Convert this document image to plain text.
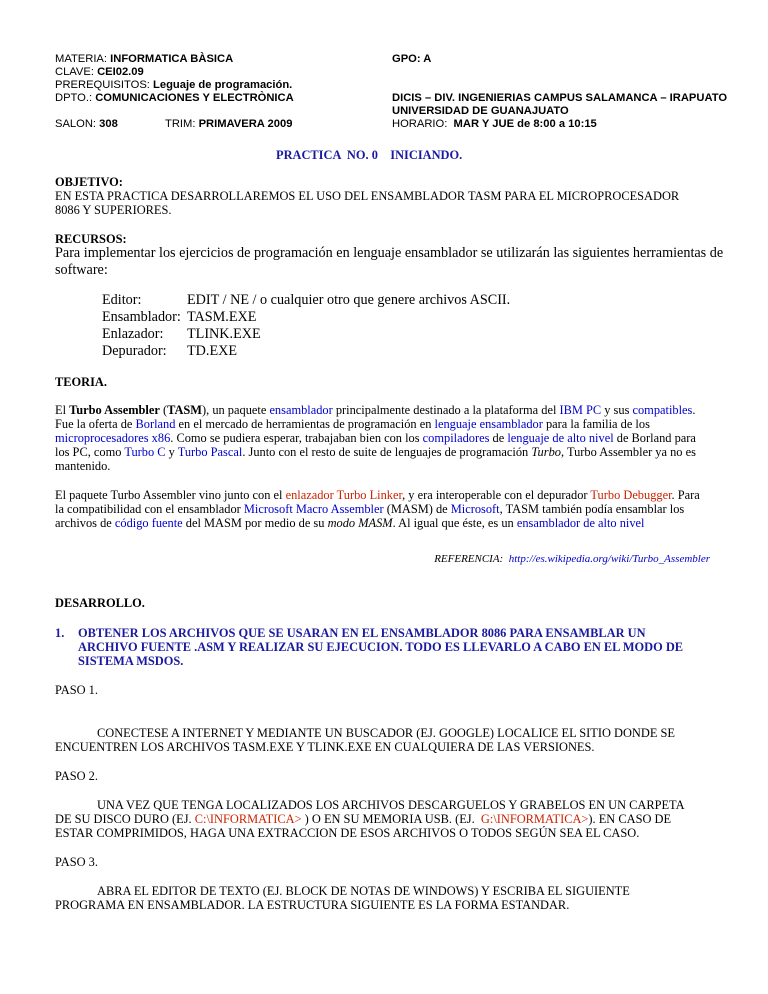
MATERIA: INFORMATICA BÀSICA
CLAVE: CEI02.09
PREREQUISITOS: Leguaje de programación.
DPTO.: COMUNICACIONES Y ELECTRÒNICA
SALON: 308	TRIM: PRIMAVERA 2009
GPO: A
DICIS – DIV. INGENIERIAS CAMPUS SALAMANCA – IRAPUATO
UNIVERSIDAD DE GUANAJUATO
HORARIO: MAR Y JUE de 8:00 a 10:15
PRACTICA  NO. 0    INICIANDO.
OBJETIVO:
EN ESTA PRACTICA DESARROLLAREMOS EL USO DEL ENSAMBLADOR TASM PARA EL MICROPROCESADOR
8086 Y SUPERIORES.
RECURSOS:
Para implementar los ejercicios de programación en lenguaje ensamblador se utilizarán las siguientes herramientas de
software:
Editor:	EDIT / NE / o cualquier otro que genere archivos ASCII.
Ensamblador: TASM.EXE
Enlazador: TLINK.EXE
Depurador: TD.EXE
TEORIA.
El Turbo Assembler (TASM), un paquete ensamblador principalmente destinado a la plataforma del IBM PC y sus compatibles.
Fue la oferta de Borland en el mercado de herramientas de programación en lenguaje ensamblador para la familia de los
microprocesadores x86. Como se pudiera esperar, trabajaban bien con los compiladores de lenguaje de alto nivel de Borland para
los PC, como Turbo C y Turbo Pascal. Junto con el resto de suite de lenguajes de programación Turbo, Turbo Assembler ya no es
mantenido.
El paquete Turbo Assembler vino junto con el enlazador Turbo Linker, y era interoperable con el depurador Turbo Debugger. Para
la compatibilidad con el ensamblador Microsoft Macro Assembler (MASM) de Microsoft, TASM también podía ensamblar los
archivos de código fuente del MASM por medio de su modo MASM. Al igual que éste, es un ensamblador de alto nivel
REFERENCIA: http://es.wikipedia.org/wiki/Turbo_Assembler
DESARROLLO.
1. OBTENER LOS ARCHIVOS QUE SE USARAN EN EL ENSAMBLADOR 8086 PARA ENSAMBLAR UN
ARCHIVO FUENTE .ASM Y REALIZAR SU EJECUCION. TODO ES LLEVARLO A CABO EN EL MODO DE
SISTEMA MSDOS.
PASO 1.
CONECTESE A INTERNET Y MEDIANTE UN BUSCADOR (EJ. GOOGLE) LOCALICE EL SITIO DONDE SE
ENCUENTREN LOS ARCHIVOS TASM.EXE Y TLINK.EXE EN CUALQUIERA DE LAS VERSIONES.
PASO 2.
UNA VEZ QUE TENGA LOCALIZADOS LOS ARCHIVOS DESCARGUELOS Y GRABELOS EN UN CARPETA
DE SU DISCO DURO (EJ. C:\INFORMATICA> ) O EN SU MEMORIA USB. (EJ.  G:\INFORMATICA>). EN CASO DE
ESTAR COMPRIMIDOS, HAGA UNA EXTRACCION DE ESOS ARCHIVOS O TODOS SEGÚN SEA EL CASO.
PASO 3.
ABRA EL EDITOR DE TEXTO (EJ. BLOCK DE NOTAS DE WINDOWS) Y ESCRIBA EL SIGUIENTE
PROGRAMA EN ENSAMBLADOR. LA ESTRUCTURA SIGUIENTE ES LA FORMA ESTANDAR.
